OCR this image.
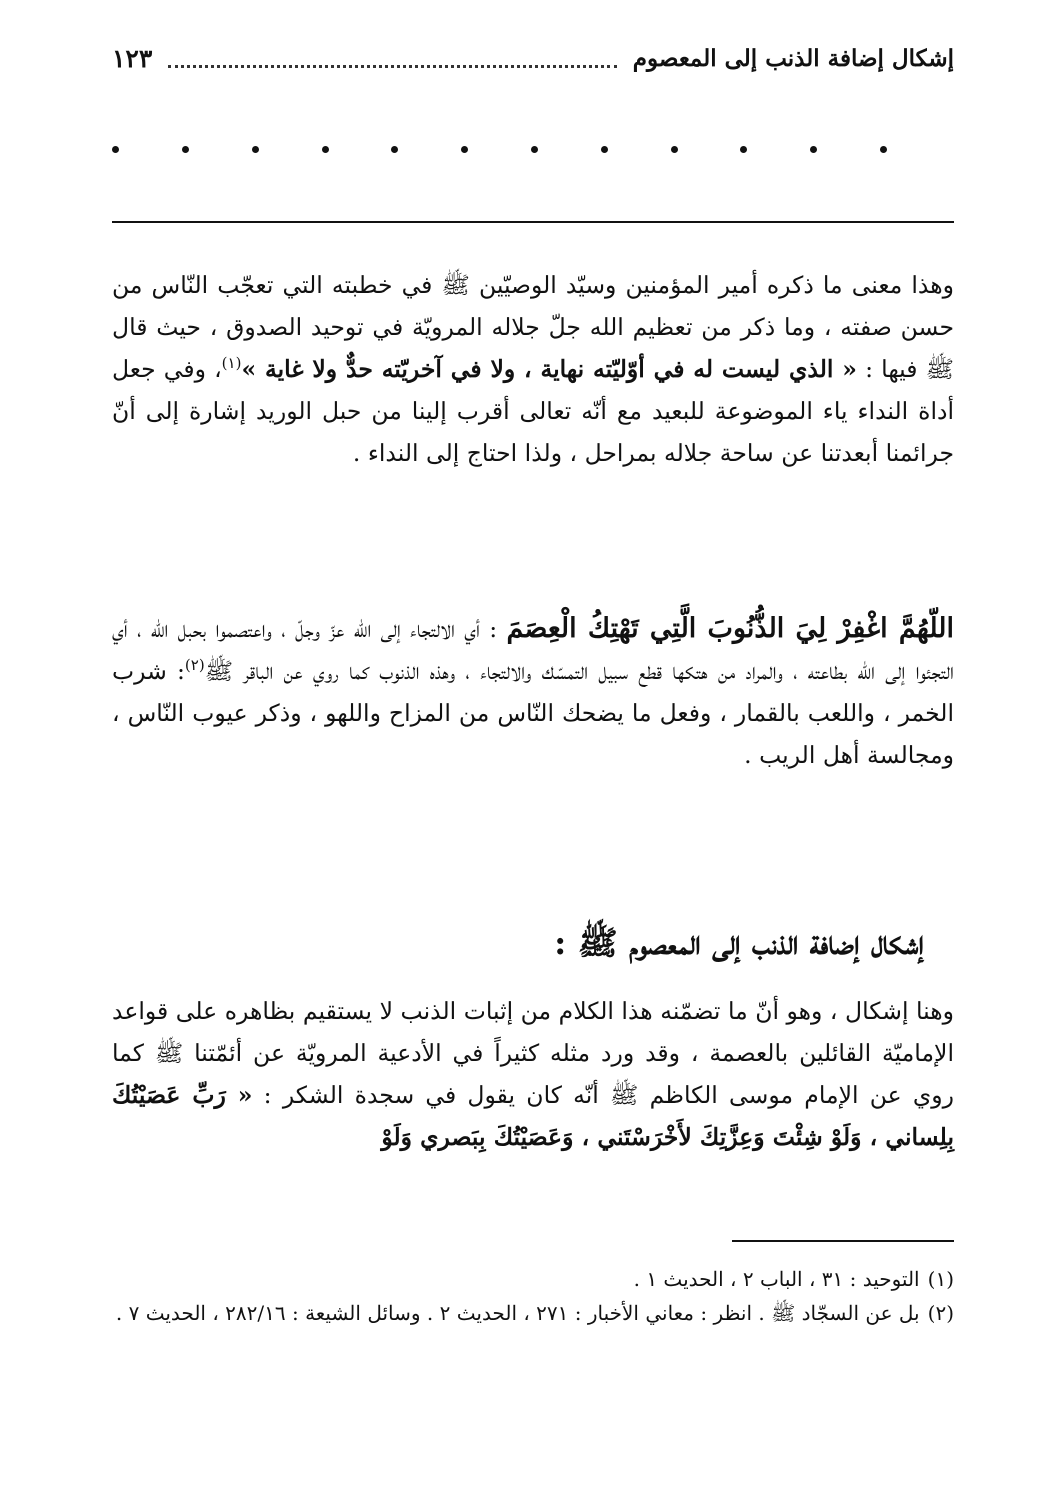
إشكال إضافة الذنب إلى المعصوم
١٢٣

وهذا معنى ما ذكره أمير المؤمنين وسيّد الوصيّين ﷺ في خطبته التي تعجّب النّاس من حسن صفته ، وما ذكر من تعظيم الله جلّ جلاله المرويّة في توحيد الصدوق ، حيث قال ﷺ فيها : « الذي ليست له في أوّليّته نهاية ، ولا في آخريّته حدٌّ ولا غاية »$^{(١)}$، وفي جعل أداة النداء ياء الموضوعة للبعيد مع أنّه تعالى أقرب إلينا من حبل الوريد إشارة إلى أنّ جرائمنا أبعدتنا عن ساحة جلاله بمراحل ، ولذا احتاج إلى النداء .

اللّهُمَّ اغْفِرْ لِيَ الذُّنُوبَ الَّتِي تَهْتِكُ الْعِصَمَ : أي الالتجاء إلى الله عزّ وجلّ ، واعتصموا بحبل الله ، أي التجئوا إلى الله بطاعته ، والمراد من هتكها قطع سبيل التمسّك والالتجاء ، وهذه الذنوب كما روي عن الباقر ﷺ$^{(٢)}$: شرب الخمر ، واللعب بالقمار ، وفعل ما يضحك النّاس من المزاح واللهو ، وذكر عيوب النّاس ، ومجالسة أهل الريب .

إشكال إضافة الذنب إلى المعصوم ﷺ :

وهنا إشكال ، وهو أنّ ما تضمّنه هذا الكلام من إثبات الذنب لا يستقيم بظاهره على قواعد الإماميّة القائلين بالعصمة ، وقد ورد مثله كثيراً في الأدعية المرويّة عن أئمّتنا ﷺ كما روي عن الإمام موسى الكاظم ﷺ أنّه كان يقول في سجدة الشكر : « رَبِّ عَصَيْتُكَ بِلِساني ، وَلَوْ شِئْتَ وَعِزَّتِكَ لأَخْرَسْتَني ، وَعَصَيْتُكَ بِبَصري وَلَوْ

(١)التوحيد : ٣١ ، الباب ٢ ، الحديث ١ .

(٢)بل عن السجّاد ﷺ . انظر : معاني الأخبار : ٢٧١ ، الحديث ٢ . وسائل الشيعة : ٢٨٢/١٦ ، الحديث ٧ .
